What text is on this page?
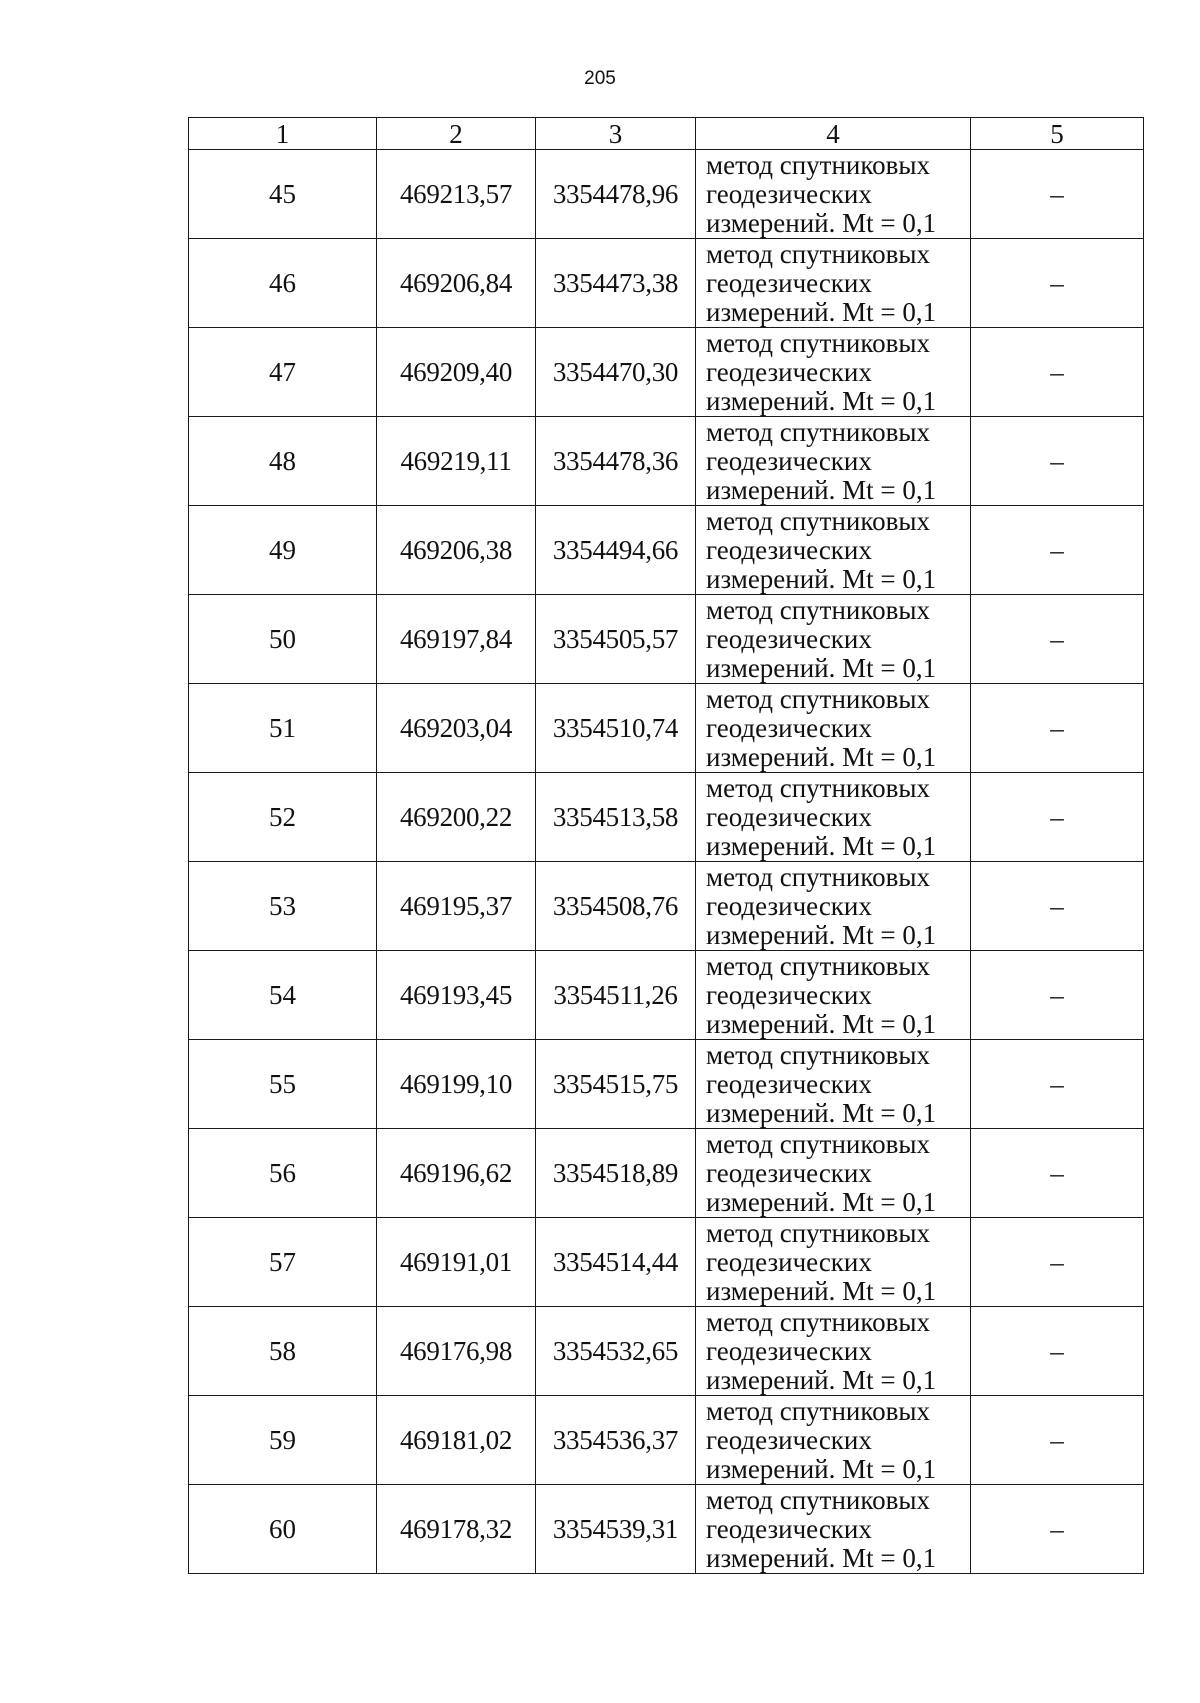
205
1	2	3	4	5
45	469213,57	3354478,96	метод спутниковых
геодезических
измерений. Mt = 0,1	–
46	469206,84	3354473,38	метод спутниковых
геодезических
измерений. Mt = 0,1	–
47	469209,40	3354470,30	метод спутниковых
геодезических
измерений. Mt = 0,1	–
48	469219,11	3354478,36	метод спутниковых
геодезических
измерений. Mt = 0,1	–
49	469206,38	3354494,66	метод спутниковых
геодезических
измерений. Mt = 0,1	–
50	469197,84	3354505,57	метод спутниковых
геодезических
измерений. Mt = 0,1	–
51	469203,04	3354510,74	метод спутниковых
геодезических
измерений. Mt = 0,1	–
52	469200,22	3354513,58	метод спутниковых
геодезических
измерений. Mt = 0,1	–
53	469195,37	3354508,76	метод спутниковых
геодезических
измерений. Mt = 0,1	–
54	469193,45	3354511,26	метод спутниковых
геодезических
измерений. Mt = 0,1	–
55	469199,10	3354515,75	метод спутниковых
геодезических
измерений. Mt = 0,1	–
56	469196,62	3354518,89	метод спутниковых
геодезических
измерений. Mt = 0,1	–
57	469191,01	3354514,44	метод спутниковых
геодезических
измерений. Mt = 0,1	–
58	469176,98	3354532,65	метод спутниковых
геодезических
измерений. Mt = 0,1	–
59	469181,02	3354536,37	метод спутниковых
геодезических
измерений. Mt = 0,1	–
60	469178,32	3354539,31	метод спутниковых
геодезических
измерений. Mt = 0,1	–
